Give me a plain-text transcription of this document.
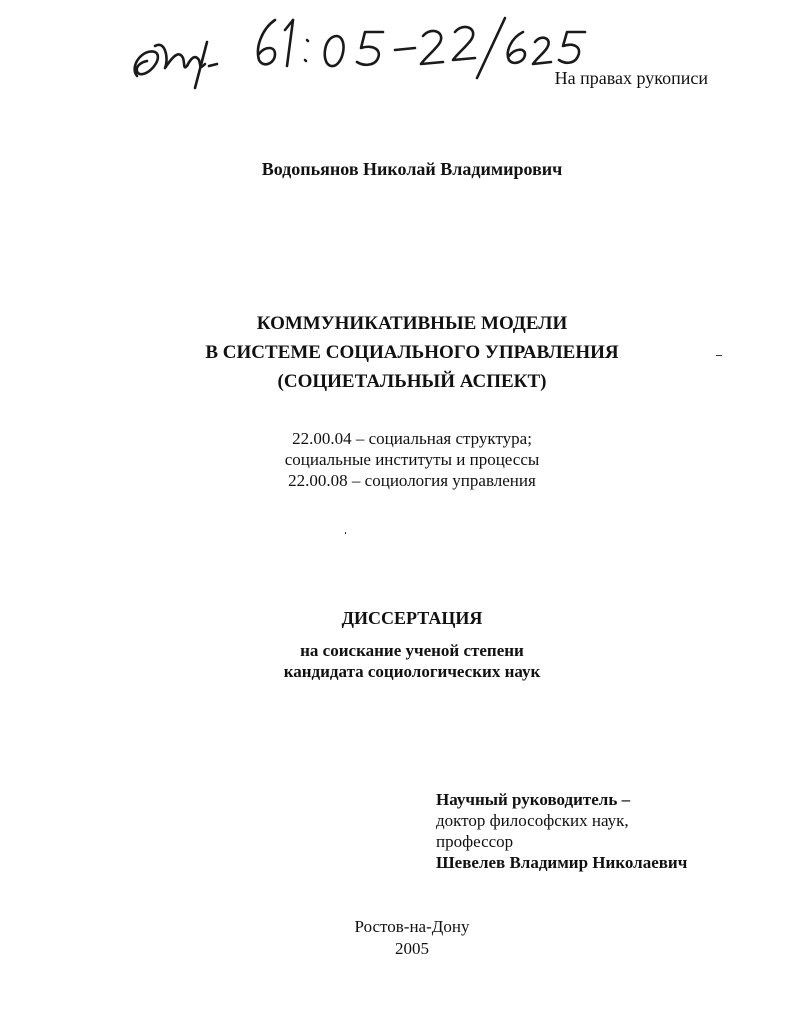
На правах рукописи
Водопьянов Николай Владимирович
КОММУНИКАТИВНЫЕ МОДЕЛИ
В СИСТЕМЕ СОЦИАЛЬНОГО УПРАВЛЕНИЯ
(СОЦИЕТАЛЬНЫЙ АСПЕКТ)
22.00.04 – социальная структура;
социальные институты и процессы
22.00.08 – социология управления
ДИССЕРТАЦИЯ
на соискание ученой степени
кандидата социологических наук
Научный руководитель –
доктор философских наук,
профессор
Шевелев Владимир Николаевич
Ростов-на-Дону
2005
